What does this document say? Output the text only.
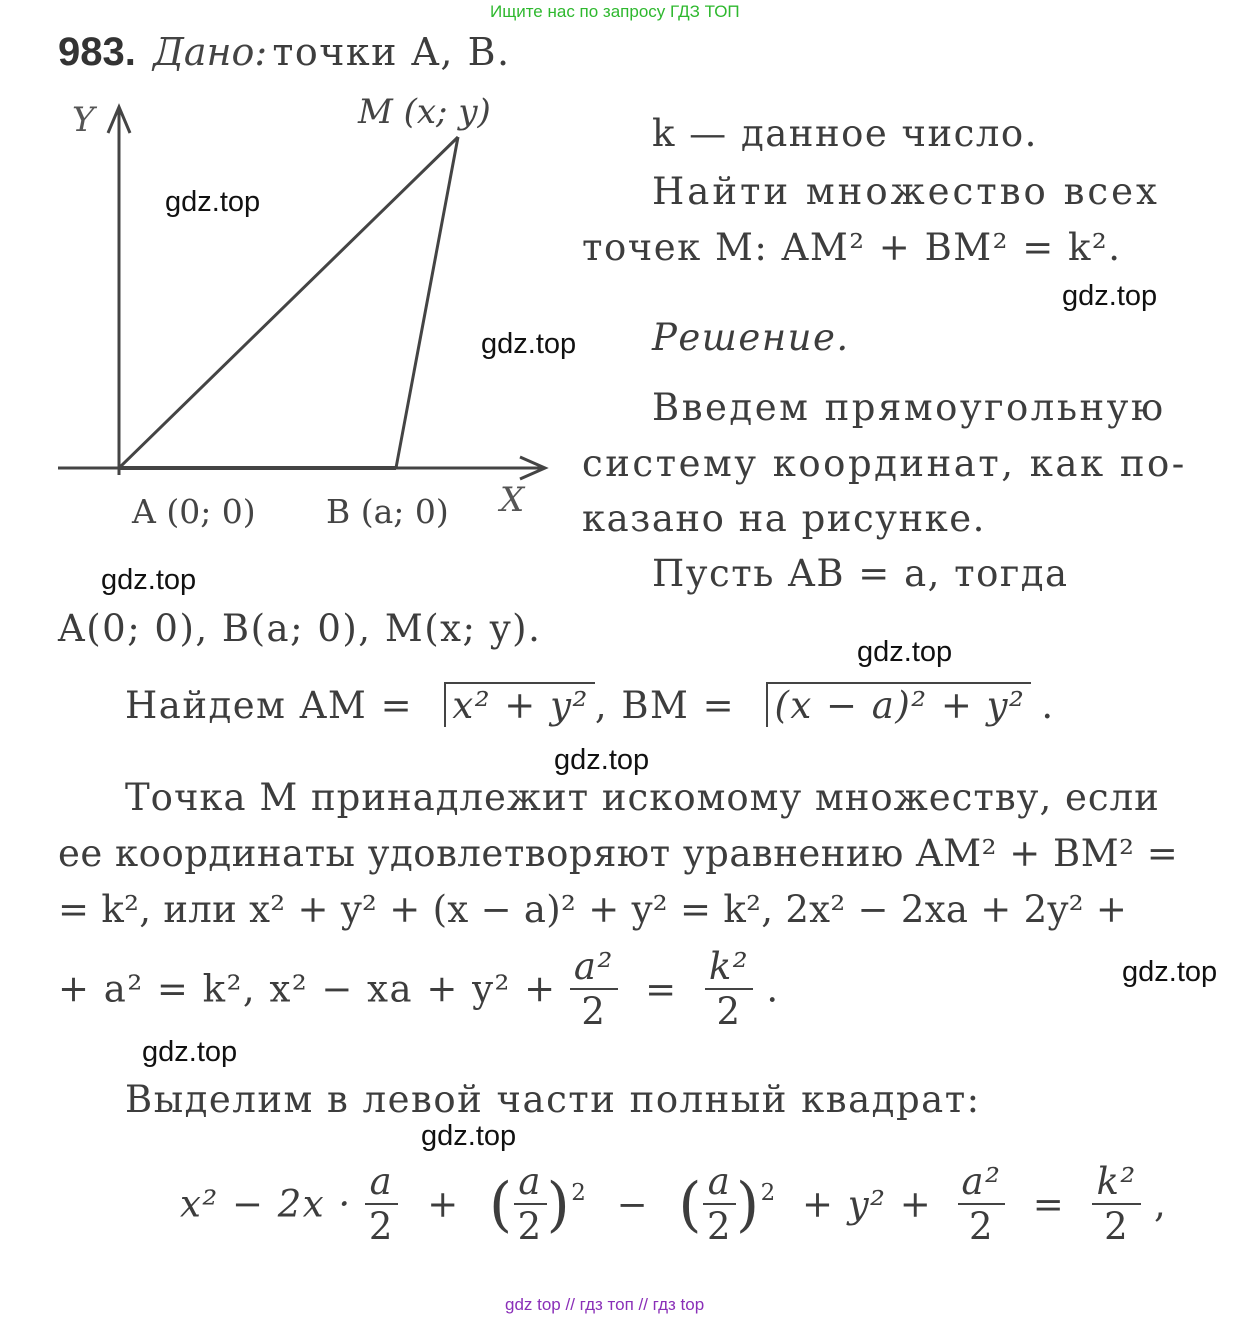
Ищите нас по запросу ГДЗ ТОП
983. Дано: точки A, B.
Y
X
M (x; y)
A (0; 0) B (a; 0)
k — данное число.
Найти множество всех
точек M: AM² + BM² = k².
Решение.
Введем прямоугольную
систему координат, как по-
казано на рисунке.
Пусть AB = a, тогда
A(0; 0), B(a; 0), M(x; y).
Найдем AM = x² + y² , BM = (x − a)² + y² .
Точка M принадлежит искомому множеству, если
ее координаты удовлетворяют уравнению AM² + BM² =
= k², или x² + y² + (x − a)² + y² = k², 2x² − 2xa + 2y² +
+ a² = k², x² − xa + $y^2 + \frac{\text{a²}}{2} = \frac{\text{k²}}{2}$ .
Выделим в левой части полный квадрат:
$x^2 - 2x \cdot \frac{a}{2}$ + ( $\frac{a}{2} )^2$ − ( $\frac{a}{2} )^2 + y^2 + \frac{\text{a²}}{2} = \frac{\text{k²}}{2}$ ,
gdz.top
gdz.top
gdz.top
gdz.top
gdz.top
gdz.top
gdz.top
gdz.top
gdz.top
gdz top // гдз топ // гдз top
